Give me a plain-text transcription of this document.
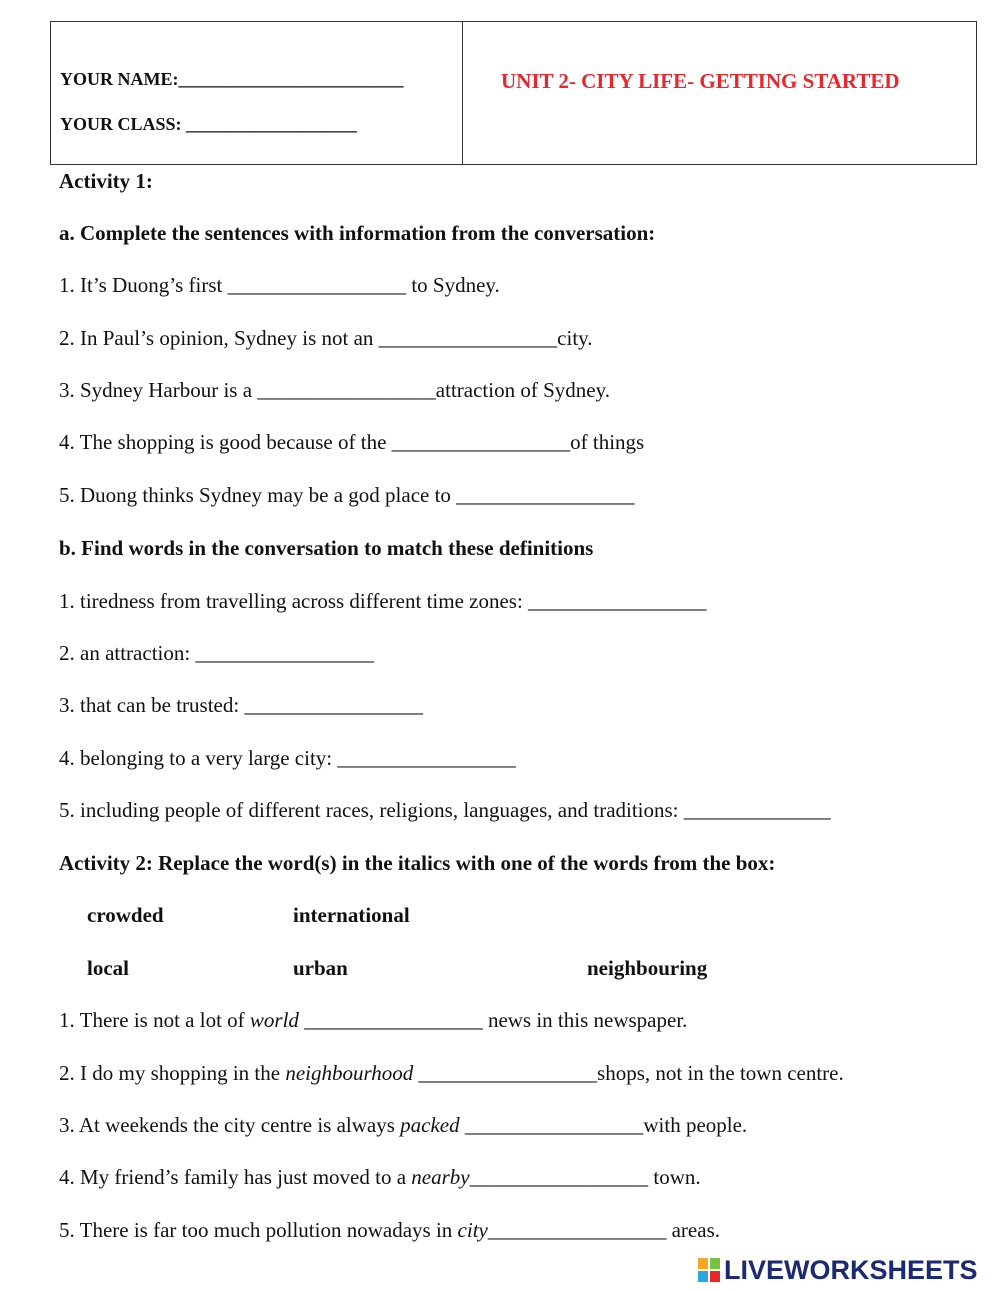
YOUR NAME:_________________________
YOUR CLASS: ___________________
UNIT 2- CITY LIFE- GETTING STARTED
Activity 1:
a. Complete the sentences with information from the conversation:
1. It’s Duong’s first _________________ to Sydney.
2. In Paul’s opinion, Sydney is not an _________________city.
3. Sydney Harbour is a _________________attraction of Sydney.
4. The shopping is good because of the _________________of things
5. Duong thinks Sydney may be a god place to _________________
b. Find words in the conversation to match these definitions
1. tiredness from travelling across different time zones: _________________
2. an attraction: _________________
3. that can be trusted: _________________
4. belonging to a very large city: _________________
5. including people of different races, religions, languages, and traditions: ______________
Activity 2: Replace the word(s) in the italics with one of the words from the box:
crowded	international
local	urban	neighbouring
1. There is not a lot of world _________________ news in this newspaper.
2. I do my shopping in the neighbourhood _________________shops, not in the town centre.
3. At weekends the city centre is always packed _________________with people.
4. My friend’s family has just moved to a nearby_________________ town.
5. There is far too much pollution nowadays in city_________________ areas.
LIVEWORKSHEETS
